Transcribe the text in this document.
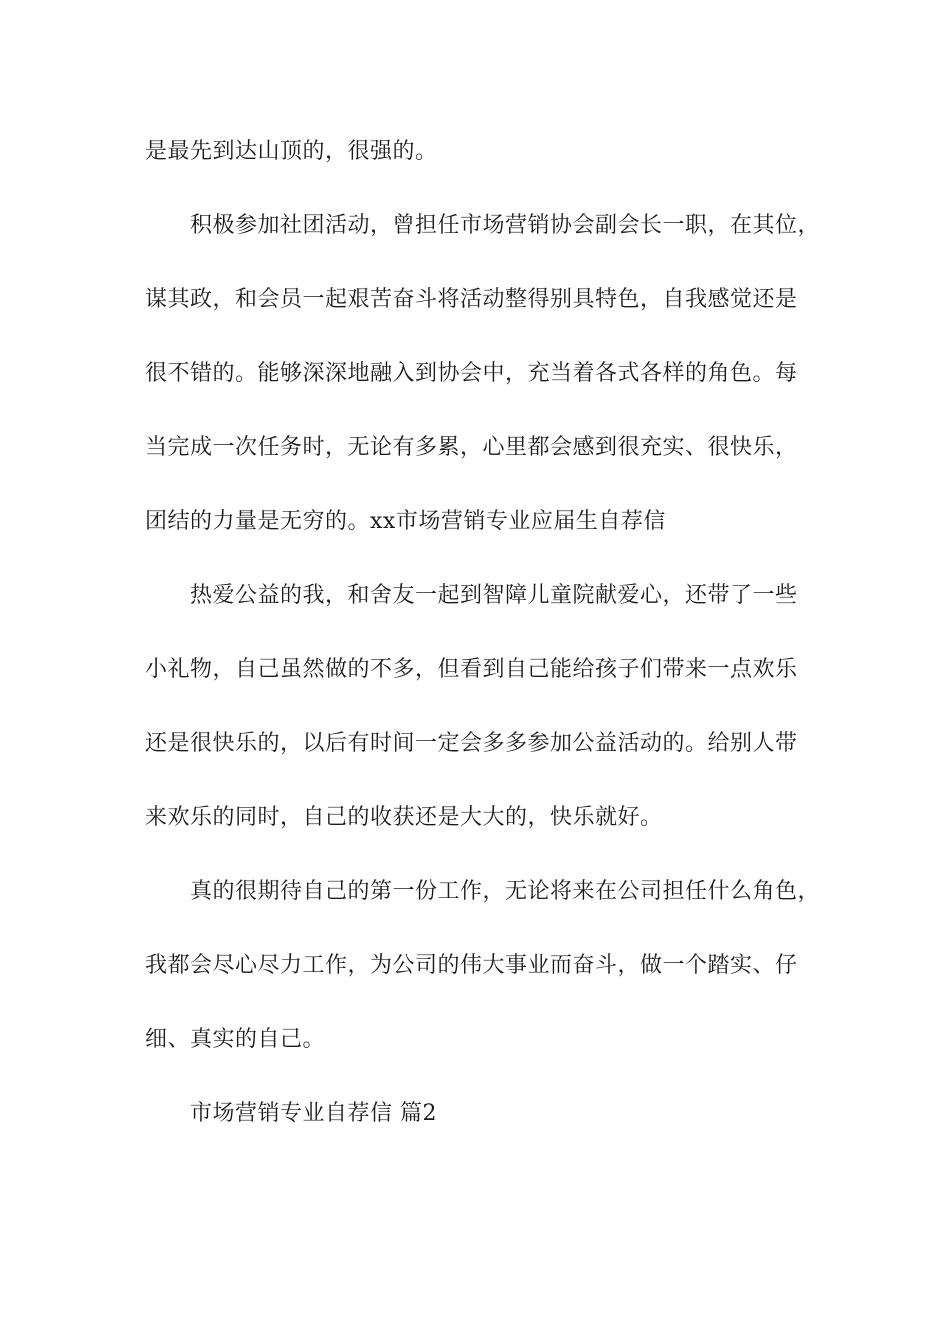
是最先到达山顶的，很强的。

积极参加社团活动，曾担任市场营销协会副会长一职，在其位，

谋其政，和会员一起艰苦奋斗将活动整得别具特色，自我感觉还是

很不错的。能够深深地融入到协会中，充当着各式各样的角色。每

当完成一次任务时，无论有多累，心里都会感到很充实、很快乐，

团结的力量是无穷的。xx市场营销专业应届生自荐信

热爱公益的我，和舍友一起到智障儿童院献爱心，还带了一些

小礼物，自己虽然做的不多，但看到自己能给孩子们带来一点欢乐

还是很快乐的，以后有时间一定会多多参加公益活动的。给别人带

来欢乐的同时，自己的收获还是大大的，快乐就好。

真的很期待自己的第一份工作，无论将来在公司担任什么角色，

我都会尽心尽力工作，为公司的伟大事业而奋斗，做一个踏实、仔

细、真实的自己。

市场营销专业自荐信 篇2
